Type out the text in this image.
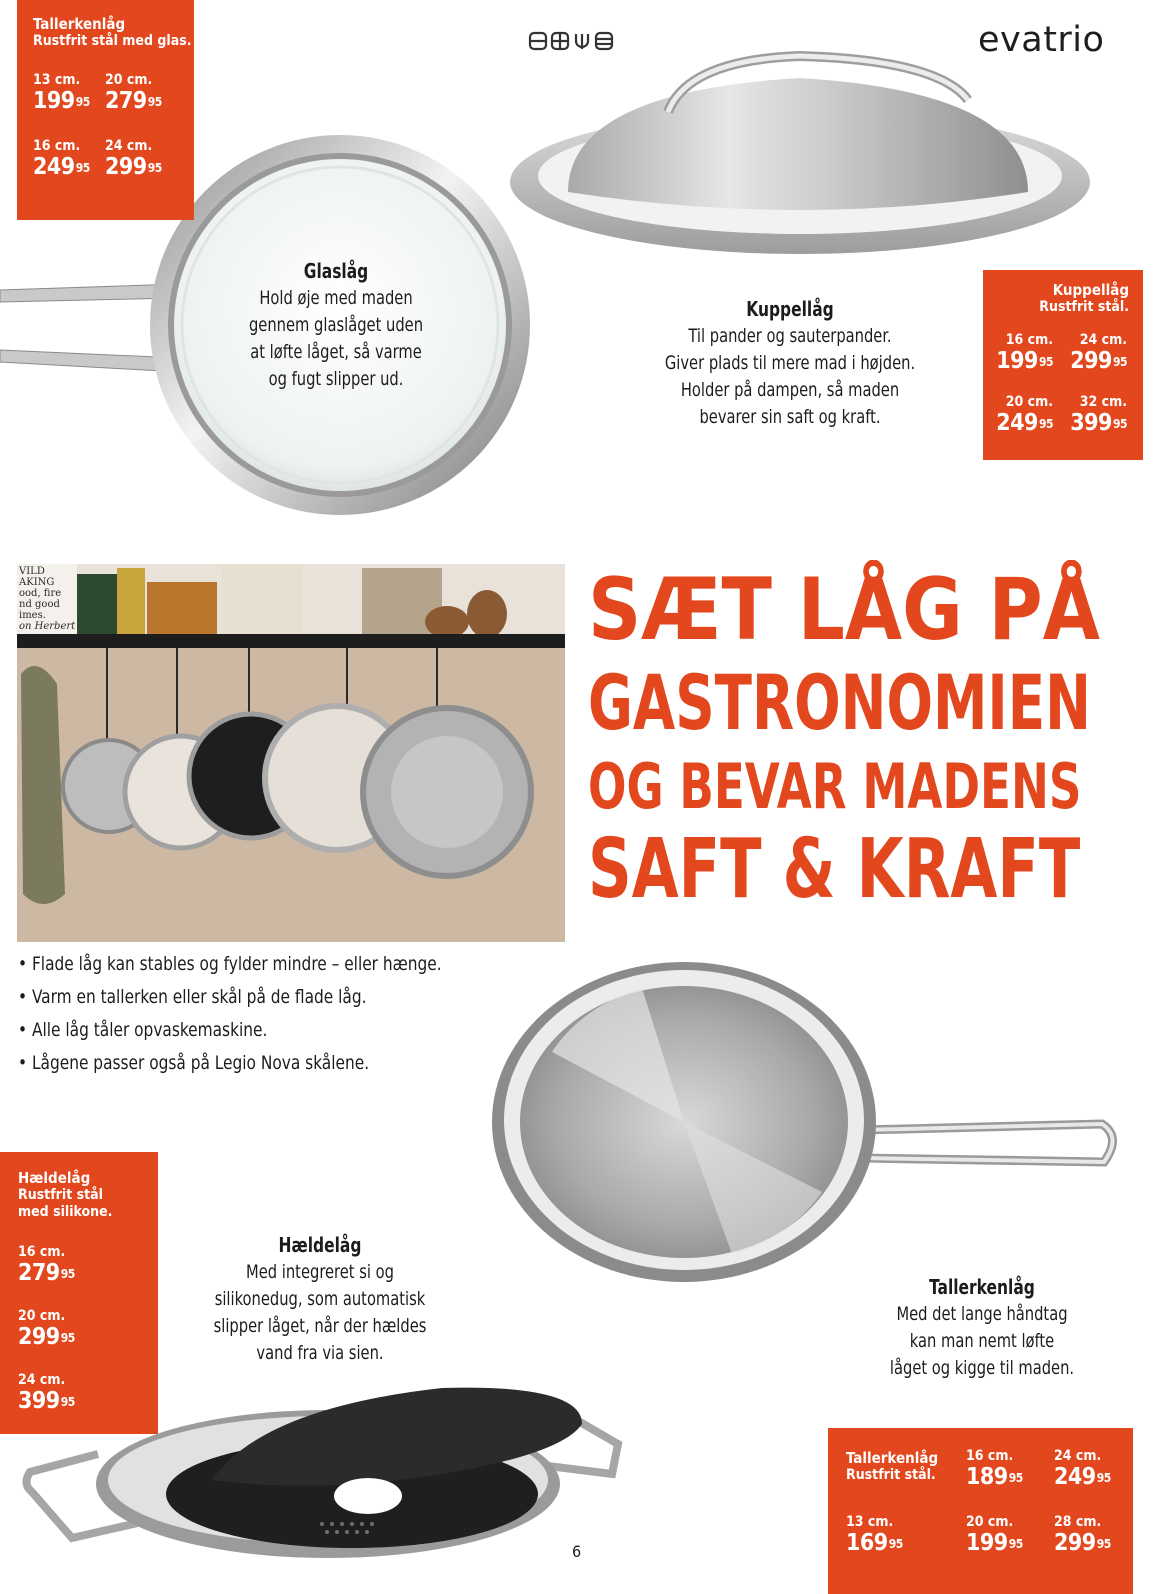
evatrio
Tallerkenlåg
Rustfrit stål med glas.
13 cm.
$199^{95}$
20 cm.
$279^{95}$
16 cm.
$249^{95}$
24 cm.
$299^{95}$
Glaslåg
Hold øje med maden
gennem glaslåget uden
at løfte låget, så varme
og fugt slipper ud.
Kuppellåg
Til pander og sauterpander.
Giver plads til mere mad i højden.
Holder på dampen, så maden
bevarer sin saft og kraft.
Kuppellåg
Rustfrit stål.
16 cm.
$199^{95}$
24 cm.
$299^{95}$
20 cm.
$249^{95}$
32 cm.
$399^{95}$
VILD
AKING
ood, fire
nd good
imes.
on Herbert	SÆT LÅG PÅ
GASTRONOMIEN
OG BEVAR MADENS
SAFT & KRAFT
• Flade låg kan stables og fylder mindre – eller hænge.
• Varm en tallerken eller skål på de flade låg.
• Alle låg tåler opvaskemaskine.
• Lågene passer også på Legio Nova skålene.
Tallerkenlåg
Med det lange håndtag
kan man nemt løfte
låget og kigge til maden.
Hældelåg
Rustfrit stål
med silikone.
16 cm.
$279^{95}$
20 cm.
$299^{95}$
24 cm.
$399^{95}$
Hældelåg
Med integreret si og
silikonedug, som automatisk
slipper låget, når der hældes
vand fra via sien.
Tallerkenlåg
Rustfrit stål.
16 cm.
$189^{95}$
24 cm.
$249^{95}$
13 cm.
$169^{95}$
20 cm.
$199^{95}$
28 cm.
$299^{95}$
6
